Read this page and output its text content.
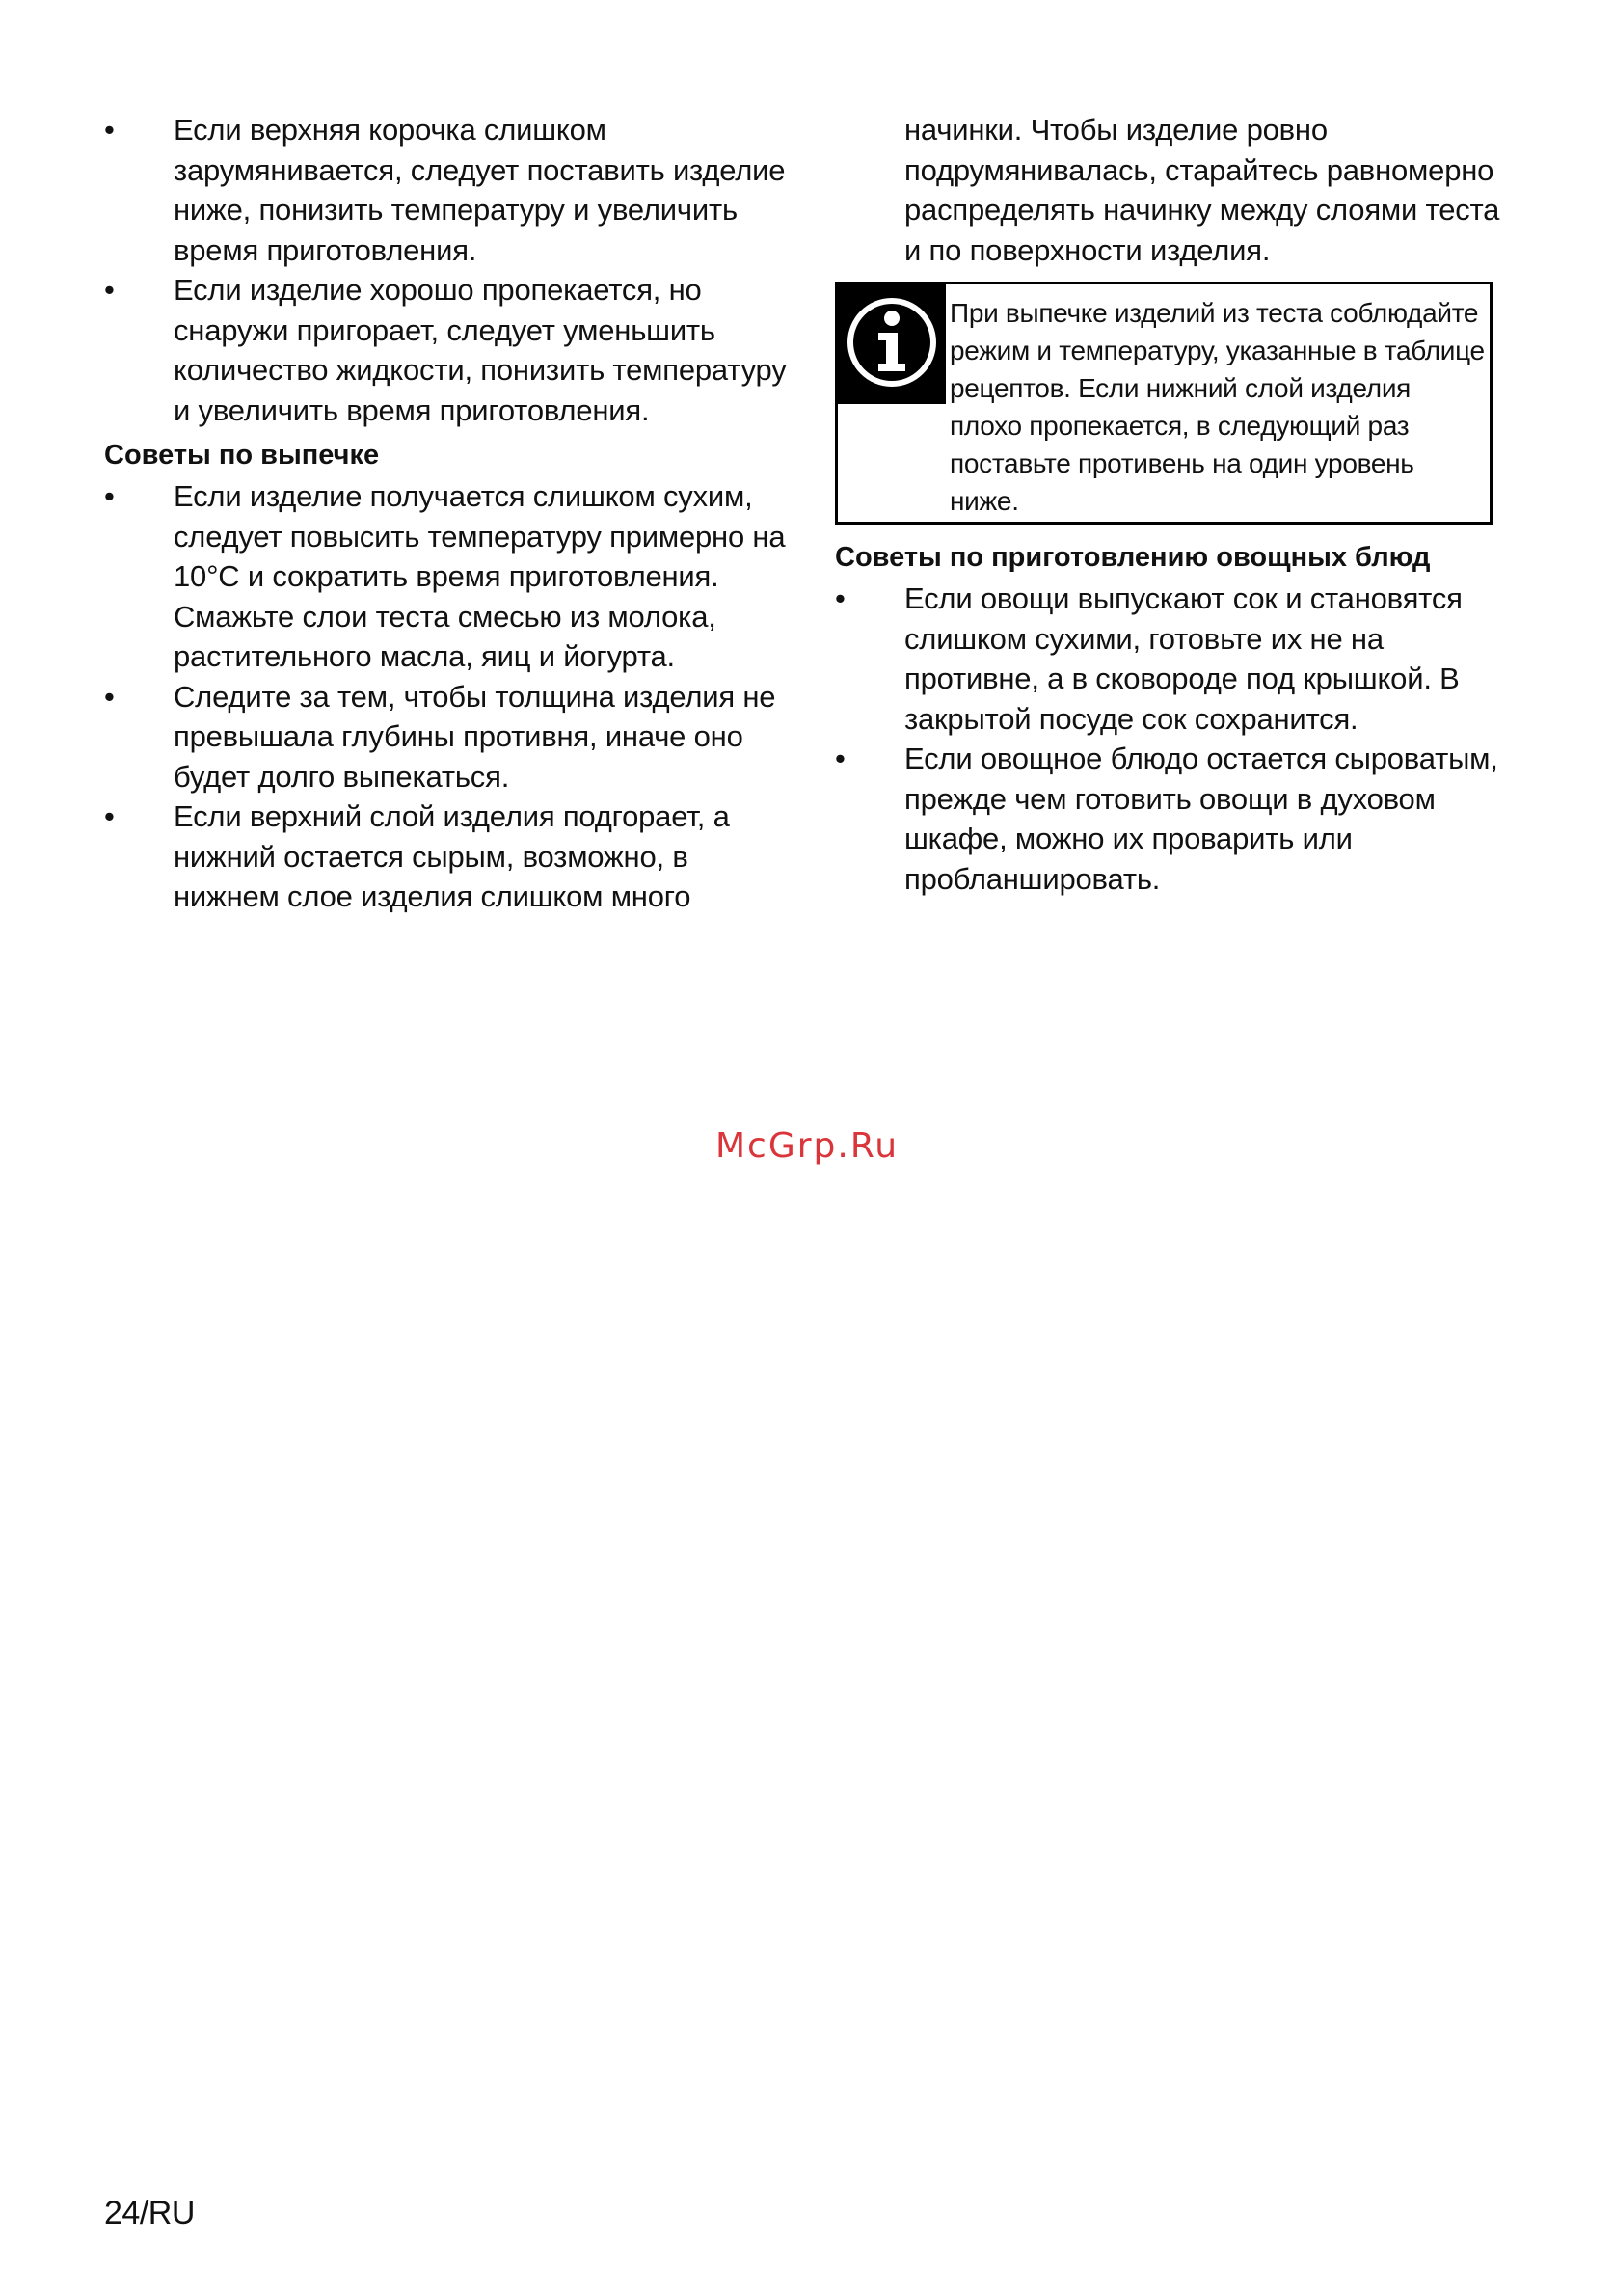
•	Если верхняя корочка слишком зарумянивается, следует поставить изделие ниже, понизить температуру и увеличить время приготовления.
•	Если изделие хорошо пропекается, но снаружи пригорает, следует уменьшить количество жидкости, понизить температуру и увеличить время приготовления.
Советы по выпечке
•	Если изделие получается слишком сухим, следует повысить температуру примерно на 10°C и сократить время приготовления. Смажьте слои теста смесью из молока, растительного масла, яиц и йогурта.
•	Следите за тем, чтобы толщина изделия не превышала глубины противня, иначе оно будет долго выпекаться.
•	Если верхний слой изделия подгорает, а нижний остается сырым, возможно, в нижнем слое изделия слишком много

начинки. Чтобы изделие ровно подрумянивалась, старайтесь равномерно распределять начинку между слоями теста и по поверхности изделия.

При выпечке изделий из теста соблюдайте режим и температуру, указанные в таблице рецептов. Если нижний слой изделия плохо пропекается, в следующий раз поставьте противень на один уровень ниже.
Советы по приготовлению овощных блюд
•	Если овощи выпускают сок и становятся слишком сухими, готовьте их не на противне, а в сковороде под крышкой. В закрытой посуде сок сохранится.
•	Если овощное блюдо остается сыроватым, прежде чем готовить овощи в духовом шкафе, можно их проварить или пробланшировать.
McGrp.Ru
24/RU
